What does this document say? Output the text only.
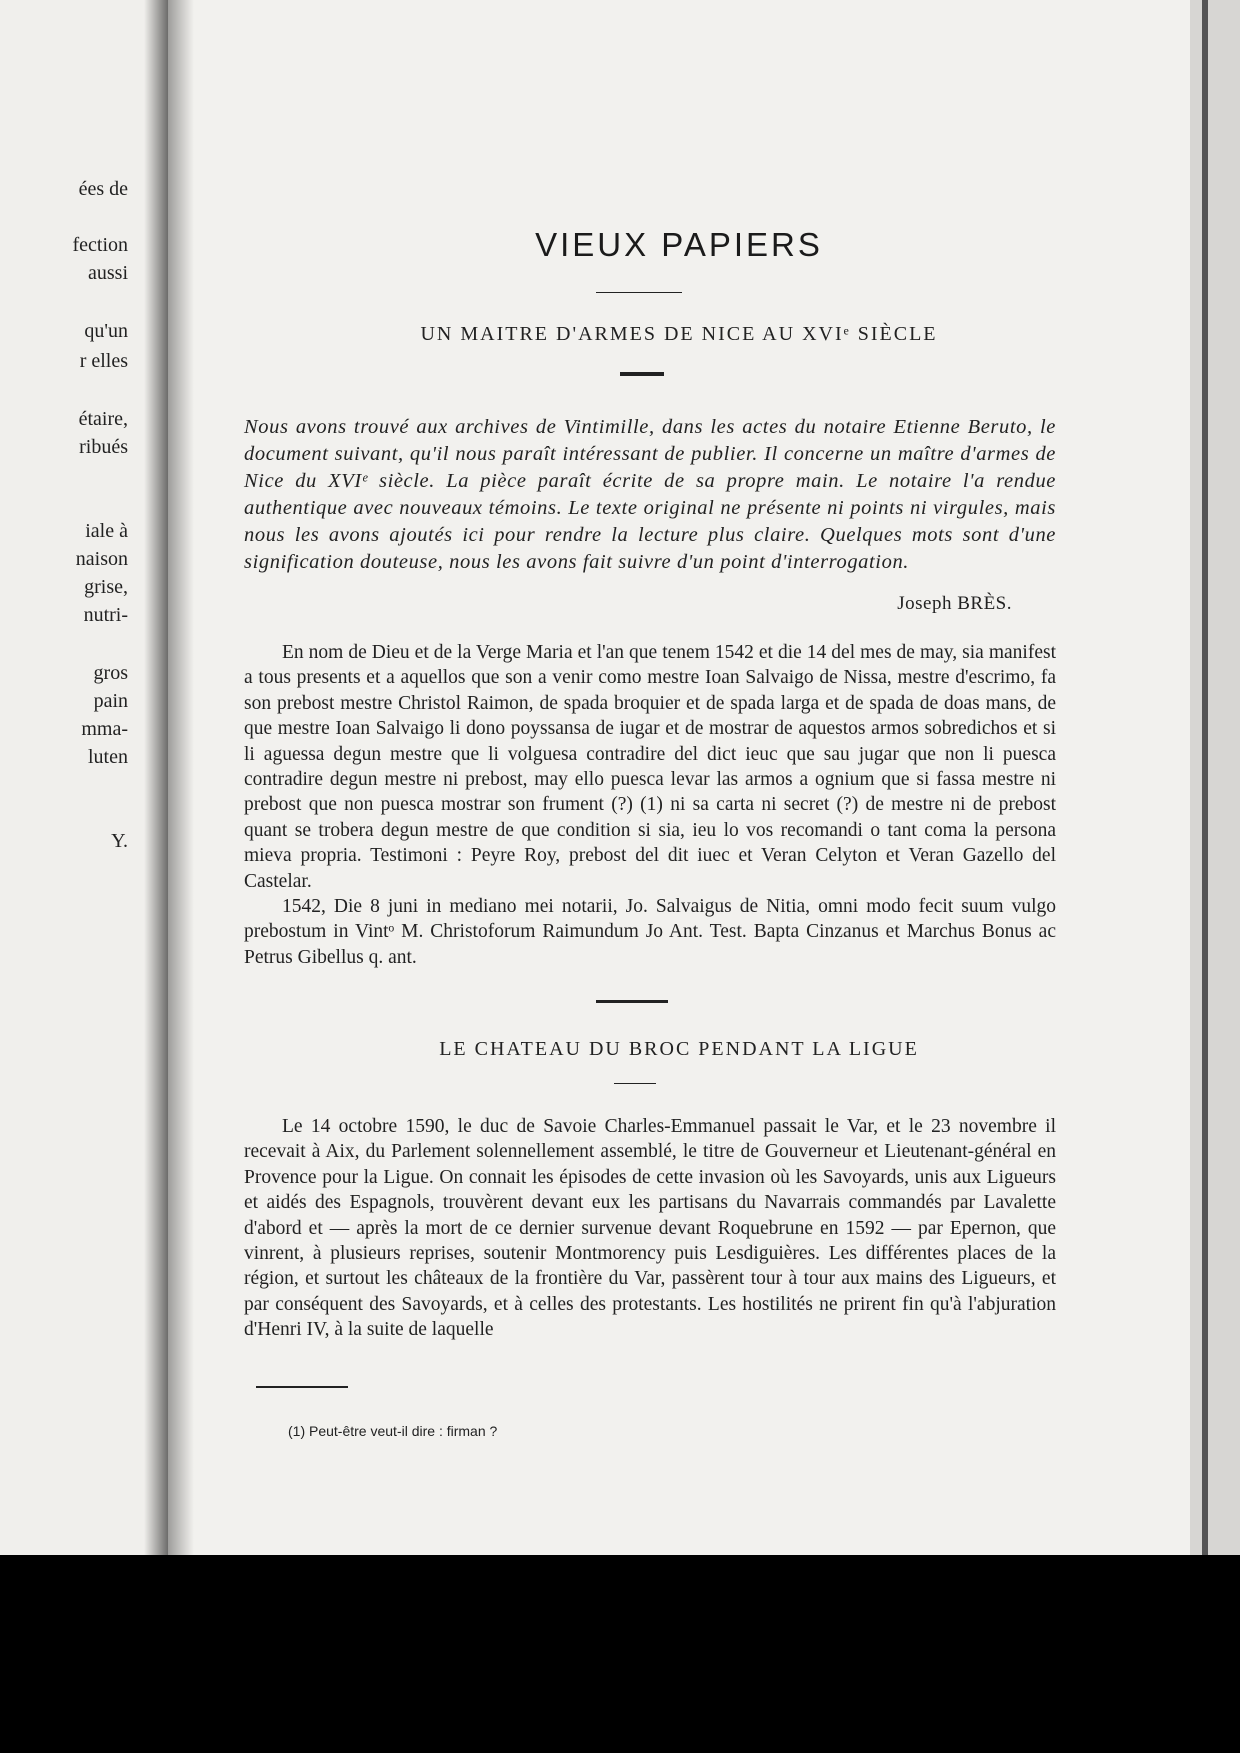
ées de
fection
aussi
qu'un
r elles
étaire,
ribués
iale à
naison
grise,
nutri-
gros
pain
mma-
luten
Y.
VIEUX PAPIERS
UN MAITRE D'ARMES DE NICE AU XVIᵉ SIÈCLE
Nous avons trouvé aux archives de Vintimille, dans les actes du notaire Etienne Beruto, le document suivant, qu'il nous paraît intéressant de publier. Il concerne un maître d'armes de Nice du XVIᵉ siècle. La pièce paraît écrite de sa propre main. Le notaire l'a rendue authentique avec nouveaux témoins. Le texte original ne présente ni points ni virgules, mais nous les avons ajoutés ici pour rendre la lecture plus claire. Quelques mots sont d'une signification douteuse, nous les avons fait suivre d'un point d'interrogation.
Joseph BRÈS.

En nom de Dieu et de la Verge Maria et l'an que tenem 1542 et die 14 del mes de may, sia manifest a tous presents et a aquellos que son a venir como mestre Ioan Salvaigo de Nissa, mestre d'escrimo, fa son prebost mestre Christol Raimon, de spada broquier et de spada larga et de spada de doas mans, de que mestre Ioan Salvaigo li dono poyssansa de iugar et de mostrar de aquestos armos sobredichos et si li aguessa degun mestre que li volguesa contradire del dict ieuc que sau jugar que non li puesca contradire degun mestre ni prebost, may ello puesca levar las armos a ognium que si fassa mestre ni prebost que non puesca mostrar son frument (?) (1) ni sa carta ni secret (?) de mestre ni de prebost quant se trobera degun mestre de que condition si sia, ieu lo vos recomandi o tant coma la persona mieva propria. Testimoni : Peyre Roy, prebost del dit iuec et Veran Celyton et Veran Gazello del Castelar.

1542, Die 8 juni in mediano mei notarii, Jo. Salvaigus de Nitia, omni modo fecit suum vulgo prebostum in Vintᵒ M. Christoforum Raimundum Jo Ant. Test. Bapta Cinzanus et Marchus Bonus ac Petrus Gibellus q. ant.

LE CHATEAU DU BROC PENDANT LA LIGUE

Le 14 octobre 1590, le duc de Savoie Charles-Emmanuel passait le Var, et le 23 novembre il recevait à Aix, du Parlement solennellement assemblé, le titre de Gouverneur et Lieutenant-général en Provence pour la Ligue. On connait les épisodes de cette invasion où les Savoyards, unis aux Ligueurs et aidés des Espagnols, trouvèrent devant eux les partisans du Navarrais commandés par Lavalette d'abord et — après la mort de ce dernier survenue devant Roquebrune en 1592 — par Epernon, que vinrent, à plusieurs reprises, soutenir Montmorency puis Lesdiguières. Les différentes places de la région, et surtout les châteaux de la frontière du Var, passèrent tour à tour aux mains des Ligueurs, et par conséquent des Savoyards, et à celles des protestants. Les hostilités ne prirent fin qu'à l'abjuration d'Henri IV, à la suite de laquelle

(1) Peut-être veut-il dire : firman ?
